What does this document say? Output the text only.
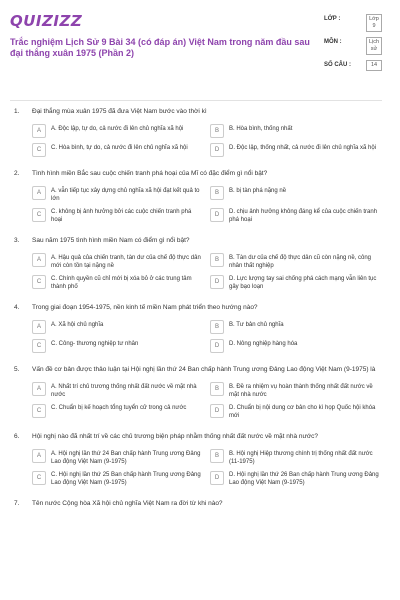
QUIZIZZ
Trắc nghiệm Lịch Sử 9 Bài 34 (có đáp án) Việt Nam trong năm đầu sau đại thắng xuân 1975 (Phần 2)
LỚP :	Lớp 9
MÔN :	Lịch sử
SỐ CÂU :	14
1.	Đại thắng mùa xuân 1975 đã đưa Việt Nam bước vào thời kì
A	A. Độc lập, tự do, cả nước đi lên chủ nghĩa xã hội	B	B. Hòa bình, thống nhất
C	C. Hòa bình, tự do, cả nước đi lên chủ nghĩa xã hội	D	D. Độc lập, thống nhất, cả nước đi lên chủ nghĩa xã hội
2.	Tình hình miền Bắc sau cuộc chiến tranh phá hoại của Mĩ có đặc điểm gì nổi bật?
A	A. vẫn tiếp tục xây dựng chủ nghĩa xã hội đạt kết quả to lớn
B	B. bị tàn phá nặng nề
C	C. không bị ảnh hưởng bởi các cuộc chiến tranh phá hoại
D	D. chịu ảnh hưởng không đáng kể của cuộc chiến tranh phá hoại
3.	Sau năm 1975 tình hình miền Nam có điểm gì nổi bật?
A	A. Hậu quả của chiến tranh, tàn dư của chế độ thực dân mới còn tồn tại nặng nề
B	B. Tàn dư của chế độ thực dân cũ còn nặng nề, công nhân thất nghiệp
C	C. Chính quyền cũ chỉ mới bị xóa bỏ ở các trung tâm thành phố
D	D. Lực lượng tay sai chống phá cách mạng vẫn liên tục gây bạo loạn
4.	Trong giai đoạn 1954-1975, nền kinh tế miền Nam phát triển theo hướng nào?
A	A. Xã hội chủ nghĩa	B	B. Tư bản chủ nghĩa
C	C. Công- thương nghiệp tư nhân	D	D. Nông nghiệp hàng hóa
5.	Vấn đề cơ bản được thảo luận tại Hội nghị lần thứ 24 Ban chấp hành Trung ương Đảng Lao động Việt Nam (9-1975) là
A	A. Nhất trí chủ trương thống nhất đất nước về mặt nhà nước
B	B. Đề ra nhiệm vụ hoàn thành thống nhất đất nước về mặt nhà nước
C	C. Chuẩn bị kế hoạch tổng tuyển cử trong cả nước	D	D. Chuẩn bị nội dung cơ bản cho kì họp Quốc hội khóa mới
6.	Hội nghị nào đã nhất trí về các chủ trương biện pháp nhằm thống nhất đất nước về mặt nhà nước?
A	A. Hội nghị lần thứ 24 Ban chấp hành Trung ương Đảng Lao động Việt Nam (9-1975)
B	B. Hội nghị Hiệp thương chính trị thống nhất đất nước (11-1975)
C	C. Hội nghị lần thứ 25 Ban chấp hành Trung ương Đảng Lao động Việt Nam (9-1975)
D	D. Hội nghị lần thứ 26 Ban chấp hành Trung ương Đảng Lao động Việt Nam (9-1975)
7.	Tên nước Cộng hòa Xã hội chủ nghĩa Việt Nam ra đời từ khi nào?
